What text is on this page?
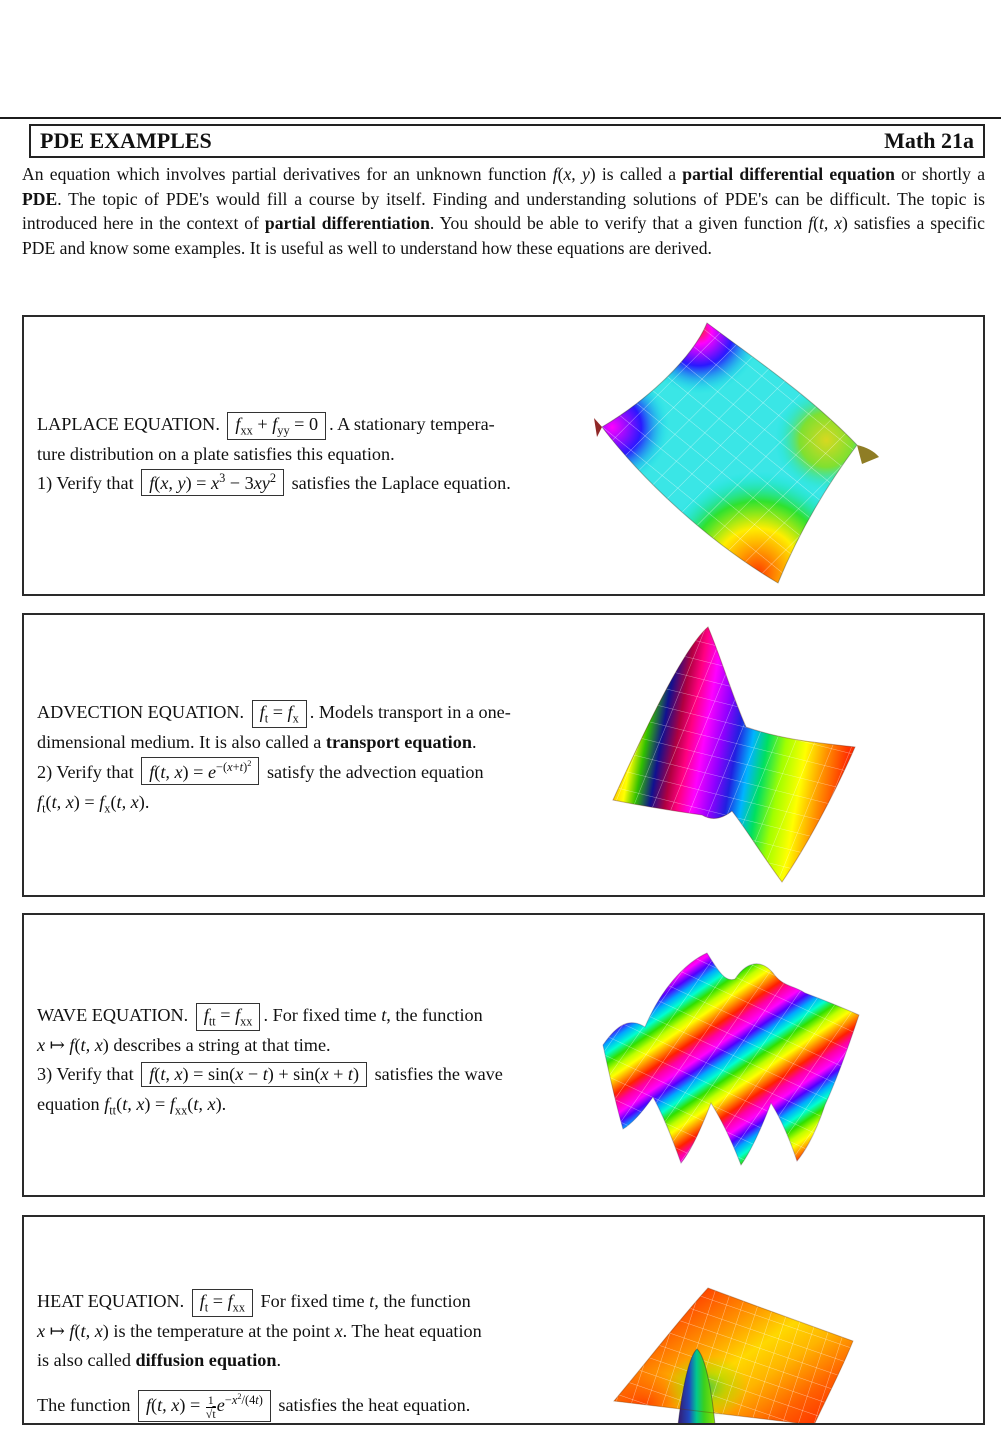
PDE EXAMPLES	Math 21a
An equation which involves partial derivatives for an unknown function f(x, y) is called a partial differential equation or shortly a PDE. The topic of PDE's would fill a course by itself. Finding and understanding solutions of PDE's can be difficult. The topic is introduced here in the context of partial differentiation. You should be able to verify that a given function f(t, x) satisfies a specific PDE and know some examples. It is useful as well to understand how these equations are derived.
LAPLACE EQUATION. $f_{xx} + f_{yy} = 0$ . A stationary tempera-
ture distribution on a plate satisfies this equation.
1) Verify that f(x, $y) = x^3 - 3xy^2$ satisfies the Laplace equation.
ADVECTION EQUATION. $f_t = f_x$ . Models transport in a one-
dimensional medium. It is also called a transport equation.
2) Verify that f(t, $x) = e^{-(x+t)^2}$ satisfy the advection equation
$f_t(t$, $x) = f_x(t$, x).
WAVE EQUATION. $f_{tt} = f_{xx}$ . For fixed time t, the function
x ↦ f(t, x) describes a string at that time.
3) Verify that f(t, x) = sin(x − t) + sin(x + t) satisfies the wave
equation $f_{tt}(t$, $x) = f_{xx}(t$, x).
HEAT EQUATION. $f_t = f_{xx}$ For fixed time t, the function
x ↦ f(t, x) is the temperature at the point x. The heat equation
is also called diffusion equation.
The function f(t, $x) = \frac{1}{√t} e^{-x^2/(4t)}$ satisfies the heat equation.
